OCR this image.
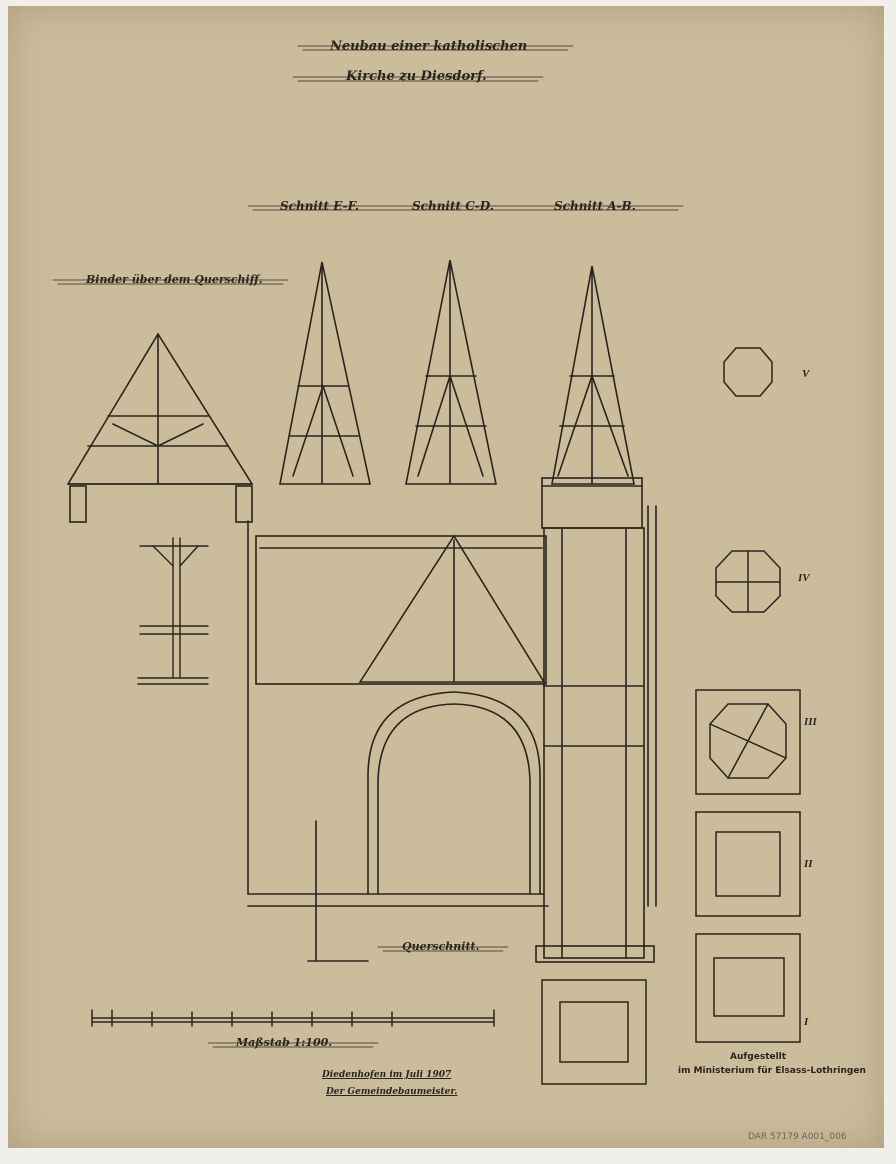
Neubau einer katholischen
Kirche zu Diesdorf.
Schnitt E-F.	Schnitt C-D.	Schnitt A-B.
Binder über dem Querschiff.
Querschnitt.
Maßstab 1:100.
Diedenhofen im Juli 1907
Der Gemeindebaumeister.
Aufgestellt
im Ministerium für Elsass-Lothringen
I
II
III
IV
V
DAR 57179 A001_006
